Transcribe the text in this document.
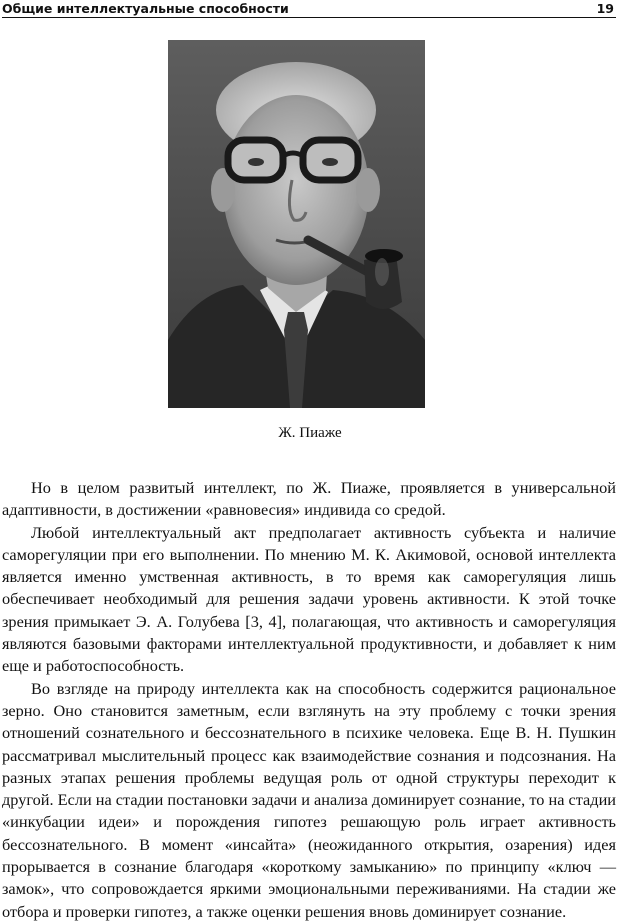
Общие интеллектуальные способности	19
Ж. Пиаже

Но в целом развитый интеллект, по Ж. Пиаже, проявляется в универсальной адаптивности, в достижении «равновесия» индивида со средой.

Любой интеллектуальный акт предполагает активность субъекта и наличие саморегуляции при его выполнении. По мнению М. К. Акимовой, основой интеллекта является именно умственная активность, в то время как саморегуляция лишь обеспечивает необходимый для решения задачи уровень активности. К этой точке зрения примыкает Э. А. Голубева [3, 4], полагающая, что активность и саморегуляция являются базовыми факторами интеллектуальной продуктивности, и добавляет к ним еще и работоспособность.

Во взгляде на природу интеллекта как на способность содержится рациональное зерно. Оно становится заметным, если взглянуть на эту проблему с точки зрения отношений сознательного и бессознательного в психике человека. Еще В. Н. Пушкин рассматривал мыслительный процесс как взаимодействие сознания и подсознания. На разных этапах решения проблемы ведущая роль от одной структуры переходит к другой. Если на стадии постановки задачи и анализа доминирует сознание, то на стадии «инкубации идеи» и порождения гипотез решающую роль играет активность бессознательного. В момент «инсайта» (неожиданного открытия, озарения) идея прорывается в сознание благодаря «короткому замыканию» по принципу «ключ — замок», что сопровождается яркими эмоциональными переживаниями. На стадии же отбора и проверки гипотез, а также оценки решения вновь доминирует сознание.
